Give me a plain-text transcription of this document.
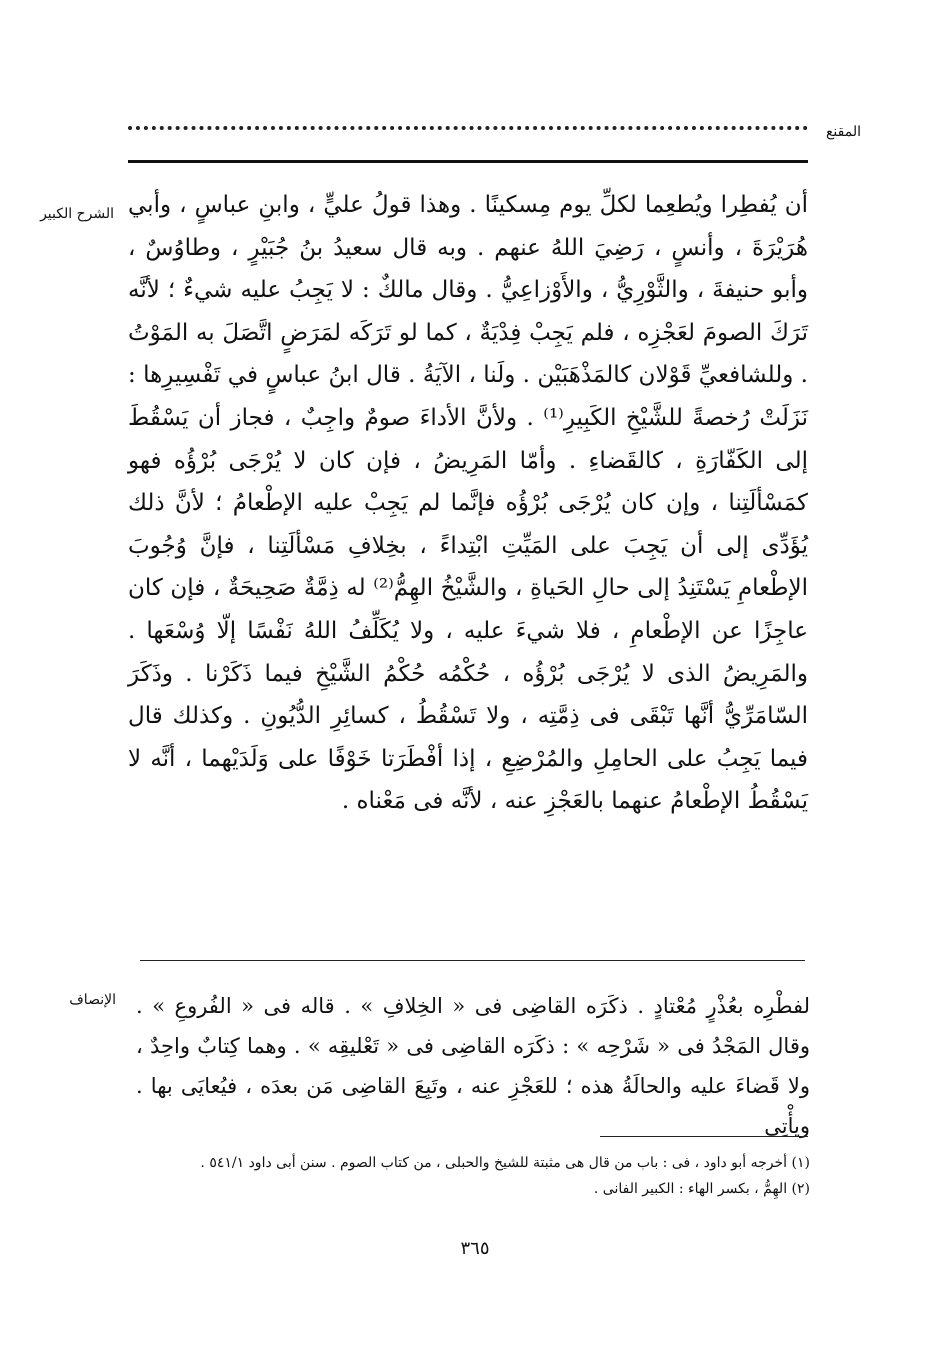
المقنع
الشرح الكبير أن يُفطِرا ويُطعِما لكلِّ يوم مِسكينًا . وهذا قولُ عليٍّ ، وابنِ عباسٍ ، وأبي هُرَيْرَةَ ، وأنسٍ ، رَضِيَ اللهُ عنهم . وبه قال سعيدُ بنُ جُبَيْرٍ ، وطاوُسٌ ، وأبو حنيفةَ ، والثَّوْرِيُّ ، والأَوْزاعِيُّ . وقال مالكٌ : لا يَجِبُ عليه شيءٌ ؛ لأنَّه تَرَكَ الصومَ لعَجْزِه ، فلم يَجِبْ فِدْيَةٌ ، كما لو تَرَكَه لمَرَضٍ اتَّصَلَ به المَوْتُ . وللشافعيِّ قَوْلان كالمَذْهَبَيْن . ولَنا ، الآيَةُ . قال ابنُ عباسٍ في تَفْسِيرِها : نَزَلَتْ رُخصةً للشَّيْخِ الكَبِيرِ⁽¹⁾ . ولأنَّ الأداءَ صومٌ واجِبٌ ، فجاز أن يَسْقُطَ إلى الكَفّارَةِ ، كالقَضاءِ . وأمّا المَرِيضُ ، فإن كان لا يُرْجَى بُرْؤُه فهو كمَسْألَتِنا ، وإن كان يُرْجَى بُرْؤُه فإنَّما لم يَجِبْ عليه الإطْعامُ ؛ لأنَّ ذلك يُؤَدِّى إلى أن يَجِبَ على المَيِّتِ ابْتِداءً ، بخِلافِ مَسْألَتِنا ، فإنَّ وُجُوبَ الإطْعامِ يَسْتَنِدُ إلى حالِ الحَياةِ ، والشَّيْخُ الهِمُّ⁽²⁾ له ذِمَّةٌ صَحِيحَةٌ ، فإن كان عاجِزًا عن الإطْعامِ ، فلا شيءَ عليه ، ولا يُكَلِّفُ اللهُ نَفْسًا إلّا وُسْعَها . والمَرِيضُ الذى لا يُرْجَى بُرْؤُه ، حُكْمُه حُكْمُ الشَّيْخِ فيما ذَكَرْنا . وذَكَرَ السّامَرِّيُّ أنَّها تَبْقَى فى ذِمَّتِه ، ولا تَسْقُطُ ، كسائِرِ الدُّيُونِ . وكذلك قال فيما يَجِبُ على الحامِلِ والمُرْضِعِ ، إذا أفْطَرَتا خَوْفًا على وَلَدَيْهما ، أنَّه لا يَسْقُطُ الإطْعامُ عنهما بالعَجْزِ عنه ، لأنَّه فى مَعْناه .

الإنصاف لفطْرِه بعُذْرٍ مُعْتادٍ . ذكَرَه القاضِى فى « الخِلافِ » . قاله فى « الفُروعِ » . وقال المَجْدُ فى « شَرْحِه » : ذكَرَه القاضِى فى « تَعْليقِه » . وهما كِتابٌ واحِدٌ ، ولا قَضاءَ عليه والحالَةُ هذه ؛ للعَجْزِ عنه ، وتَبِعَ القاضِى مَن بعدَه ، فيُعايَى بها . ويأْتِى

(١) أخرجه أبو داود ، فى : باب من قال هى مثبتة للشيخ والحبلى ، من كتاب الصوم . سنن أبى داود ٥٤١/١ .

(٢) الهِمُّ ، بكسر الهاء : الكبير الفانى .

٣٦٥
